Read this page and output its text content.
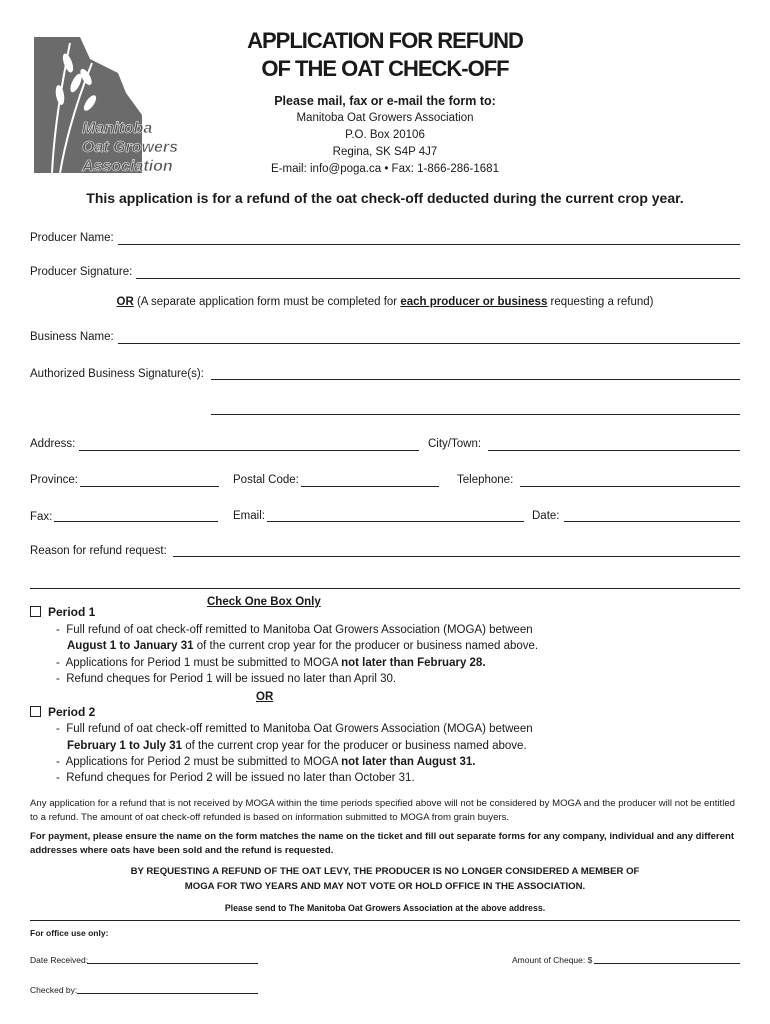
Manitoba
Oat Growers
Association
APPLICATION FOR REFUND
OF THE OAT CHECK-OFF
Please mail, fax or e-mail the form to:
Manitoba Oat Growers Association
P.O. Box 20106
Regina, SK S4P 4J7
E-mail: info@poga.ca • Fax: 1-866-286-1681
This application is for a refund of the oat check-off deducted during the current crop year.
Producer Name:
Producer Signature:
OR (A separate application form must be completed for each producer or business requesting a refund)
Business Name:
Authorized Business Signature(s):
Address:	City/Town:
Province:	Postal Code:	Telephone:
Fax:	Email:	Date:
Reason for refund request:
Check One Box Only
Period 1
-  Full refund of oat check-off remitted to Manitoba Oat Growers Association (MOGA) between
August 1 to January 31 of the current crop year for the producer or business named above.
-  Applications for Period 1 must be submitted to MOGA not later than February 28.
-  Refund cheques for Period 1 will be issued no later than April 30.
OR
Period 2
-  Full refund of oat check-off remitted to Manitoba Oat Growers Association (MOGA) between
February 1 to July 31 of the current crop year for the producer or business named above.
-  Applications for Period 2 must be submitted to MOGA not later than August 31.
-  Refund cheques for Period 2 will be issued no later than October 31.
Any application for a refund that is not received by MOGA within the time periods specified above will not be considered by MOGA and the producer will not be entitled to a refund. The amount of oat check-off refunded is based on information submitted to MOGA from grain buyers.
For payment, please ensure the name on the form matches the name on the ticket and fill out separate forms for any company, individual and any different addresses where oats have been sold and the refund is requested.
BY REQUESTING A REFUND OF THE OAT LEVY, THE PRODUCER IS NO LONGER CONSIDERED A MEMBER OF
MOGA FOR TWO YEARS AND MAY NOT VOTE OR HOLD OFFICE IN THE ASSOCIATION.
Please send to The Manitoba Oat Growers Association at the above address.
For office use only:
Date Received:	Amount of Cheque: $
Checked by:
